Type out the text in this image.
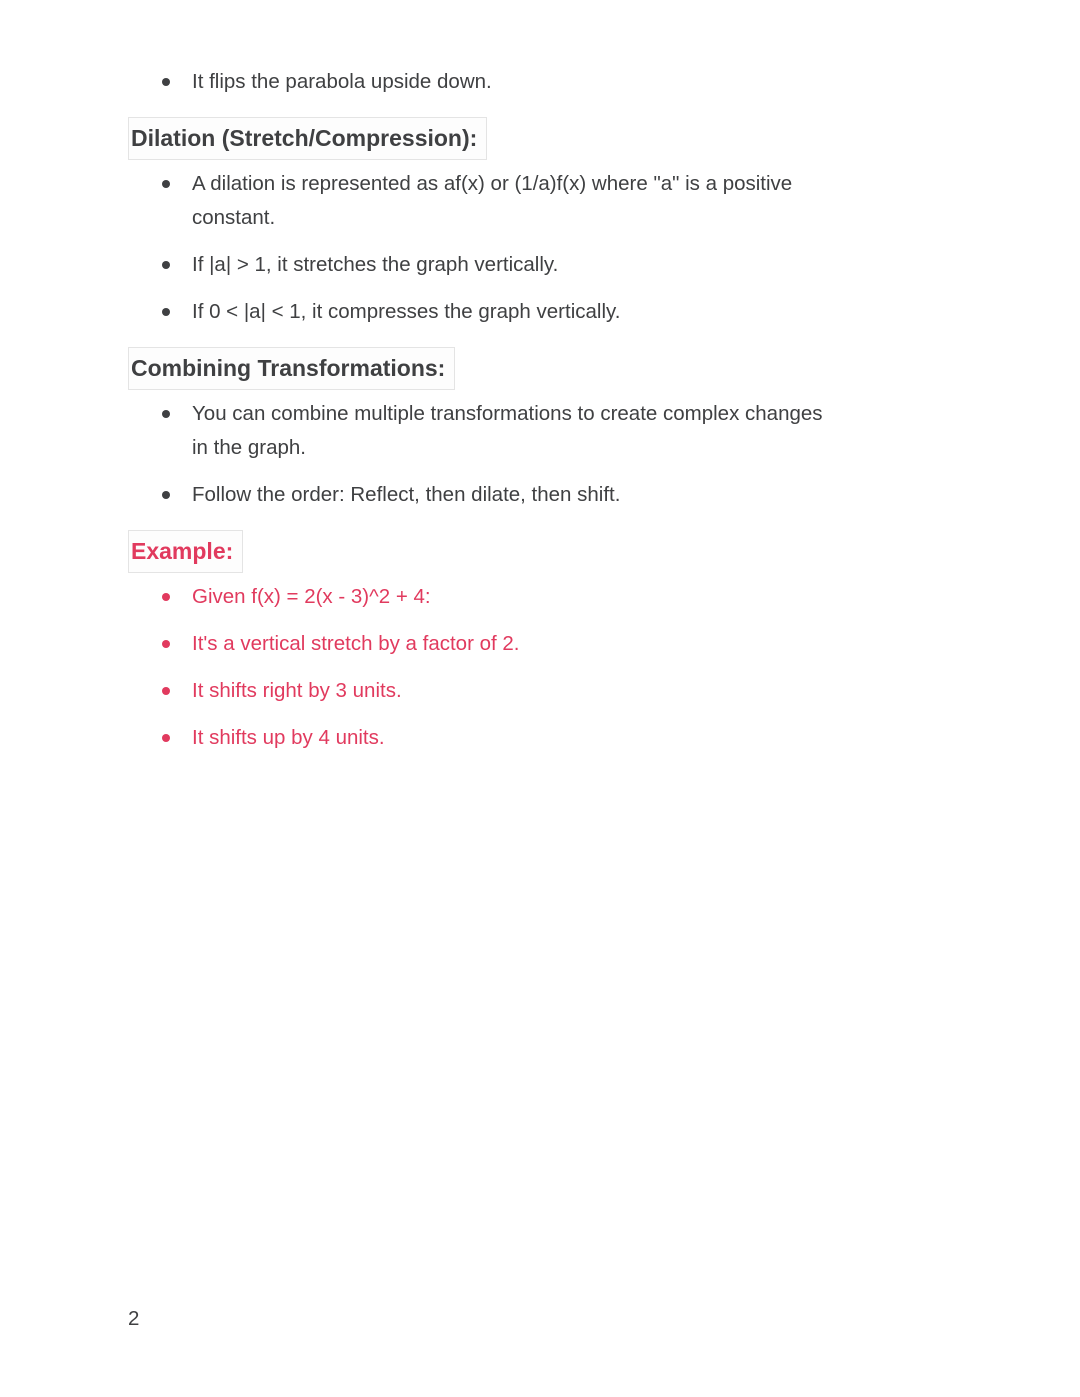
It flips the parabola upside down.
Dilation (Stretch/Compression):
A dilation is represented as af(x) or (1/a)f(x) where "a" is a positive
constant.
If |a| > 1, it stretches the graph vertically.
If 0 < |a| < 1, it compresses the graph vertically.
Combining Transformations:
You can combine multiple transformations to create complex changes
in the graph.
Follow the order: Reflect, then dilate, then shift.
Example:
Given f(x) = 2(x - 3)^2 + 4:
It's a vertical stretch by a factor of 2.
It shifts right by 3 units.
It shifts up by 4 units.
2
